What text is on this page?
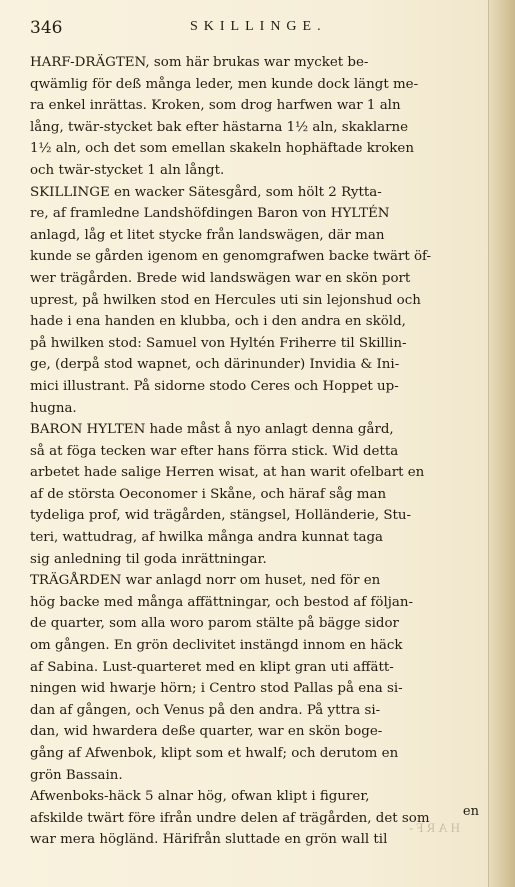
346	SKILLINGE.
HARF-DRÄGTEN, som här brukas war mycket be-
qwämlig för deß många leder, men kunde dock längt me-
ra enkel inrättas. Kroken, som drog harfwen war 1 aln
lång, twär-stycket bak efter hästarna 1½ aln, skaklarne
1½ aln, och det som emellan skakeln hophäftade kroken
och twär-stycket 1 aln långt.
SKILLINGE en wacker Sätesgård, som hölt 2 Rytta-
re, af framledne Landshöfdingen Baron von HYLTÉN
anlagd, låg et litet stycke från landswägen, där man
kunde se gården igenom en genomgrafwen backe twärt öf-
wer trägården. Brede wid landswägen war en skön port
uprest, på hwilken stod en Hercules uti sin lejonshud och
hade i ena handen en klubba, och i den andra en sköld,
på hwilken stod: Samuel von Hyltén Friherre til Skillin-
ge, (derpå stod wapnet, och därinunder) Invidia & Ini-
mici illustrant. På sidorne stodo Ceres och Hoppet up-
hugna.
BARON HYLTEN hade måst å nyo anlagt denna gård,
så at föga tecken war efter hans förra stick. Wid detta
arbetet hade salige Herren wisat, at han warit ofelbart en
af de största Oeconomer i Skåne, och häraf såg man
tydeliga prof, wid trägården, stängsel, Holländerie, Stu-
teri, wattudrag, af hwilka många andra kunnat taga
sig anledning til goda inrättningar.
TRÄGÅRDEN war anlagd norr om huset, ned för en
hög backe med många affättningar, och bestod af följan-
de quarter, som alla woro parom stälte på bägge sidor
om gången. En grön declivitet instängd innom en häck
af Sabina. Lust-quarteret med en klipt gran uti affätt-
ningen wid hwarje hörn; i Centro stod Pallas på ena si-
dan af gången, och Venus på den andra. På yttra si-
dan, wid hwardera deße quarter, war en skön boge-
gång af Afwenbok, klipt som et hwalf; och derutom en
grön Bassain.
Afwenboks-häck 5 alnar hög, ofwan klipt i figurer,
afskilde twärt före ifrån undre delen af trägården, det som
war mera högländ. Härifrån sluttade en grön wall til
en
HARF-
